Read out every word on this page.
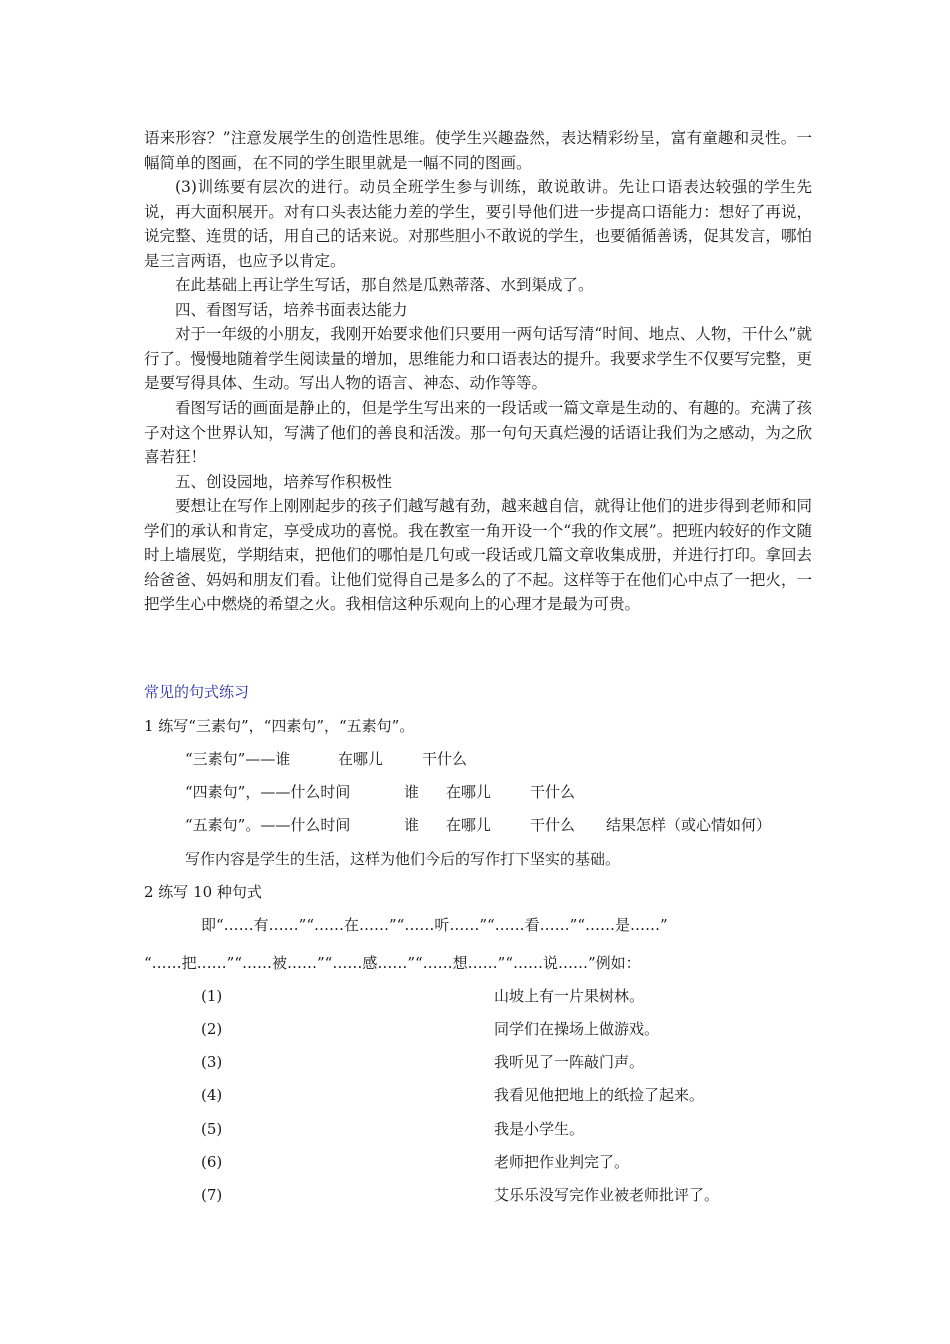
语来形容？”注意发展学生的创造性思维。使学生兴趣盎然，表达精彩纷呈，富有童趣和灵性。一幅简单的图画，在不同的学生眼里就是一幅不同的图画。

(3)训练要有层次的进行。动员全班学生参与训练，敢说敢讲。先让口语表达较强的学生先说，再大面积展开。对有口头表达能力差的学生，要引导他们进一步提高口语能力：想好了再说，说完整、连贯的话，用自己的话来说。对那些胆小不敢说的学生，也要循循善诱，促其发言，哪怕是三言两语，也应予以肯定。

在此基础上再让学生写话，那自然是瓜熟蒂落、水到渠成了。

四、看图写话，培养书面表达能力

对于一年级的小朋友，我刚开始要求他们只要用一两句话写清“时间、地点、人物，干什么”就行了。慢慢地随着学生阅读量的增加，思维能力和口语表达的提升。我要求学生不仅要写完整，更是要写得具体、生动。写出人物的语言、神态、动作等等。

看图写话的画面是静止的，但是学生写出来的一段话或一篇文章是生动的、有趣的。充满了孩子对这个世界认知，写满了他们的善良和活泼。那一句句天真烂漫的话语让我们为之感动，为之欣喜若狂！

五、创设园地，培养写作积极性

要想让在写作上刚刚起步的孩子们越写越有劲，越来越自信，就得让他们的进步得到老师和同学们的承认和肯定，享受成功的喜悦。我在教室一角开设一个“我的作文展”。把班内较好的作文随时上墙展览，学期结束，把他们的哪怕是几句或一段话或几篇文章收集成册，并进行打印。拿回去给爸爸、妈妈和朋友们看。让他们觉得自己是多么的了不起。这样等于在他们心中点了一把火，一把学生心中燃烧的希望之火。我相信这种乐观向上的心理才是最为可贵。

常见的句式练习
1 练写“三素句”，“四素句”，“五素句”。
“三素句”——谁	在哪儿	干什么
“四素句”，——什么时间	谁 在哪儿	干什么
“五素句”。——什么时间	谁 在哪儿	干什么 结果怎样（或心情如何）
写作内容是学生的生活，这样为他们今后的写作打下坚实的基础。
2 练写 10 种句式
即“……有……”“……在……”“……听……”“……看……”“……是……”
“……把……”“……被……”“……感……”“……想……”“……说……”例如：
(1)	山坡上有一片果树林。
(2)	同学们在操场上做游戏。
(3)	我听见了一阵敲门声。
(4)	我看见他把地上的纸捡了起来。
(5)	我是小学生。
(6)	老师把作业判完了。
(7)	艾乐乐没写完作业被老师批评了。
